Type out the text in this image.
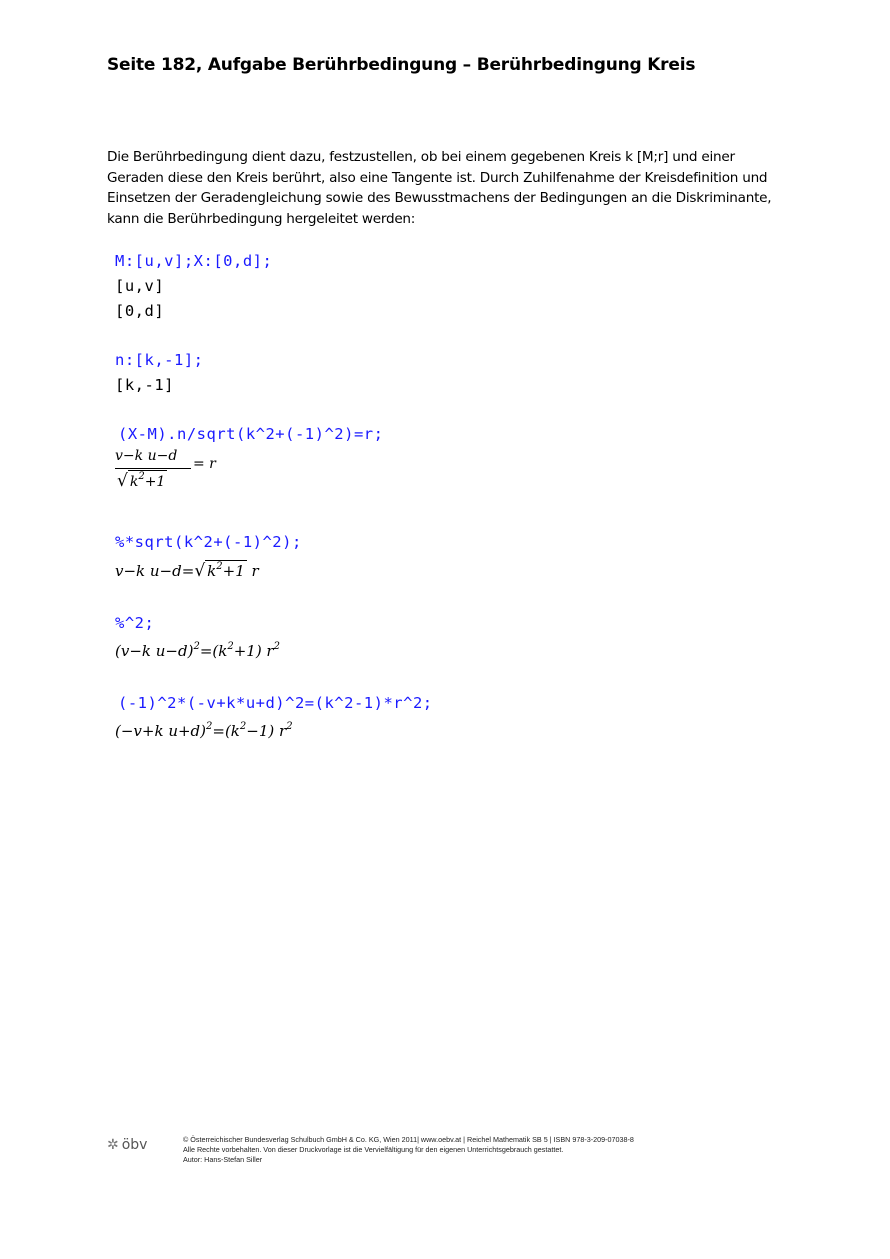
Seite 182, Aufgabe Berührbedingung – Berührbedingung Kreis
Die Berührbedingung dient dazu, festzustellen, ob bei einem gegebenen Kreis k [M;r] und einer
Geraden diese den Kreis berührt, also eine Tangente ist. Durch Zuhilfenahme der Kreisdefinition und
Einsetzen der Geradengleichung sowie des Bewusstmachens der Bedingungen an die Diskriminante,
kann die Berührbedingung hergeleitet werden:
M:[u,v];X:[0,d];
[u,v]
[0,d]
n:[k,-1];
[k,-1]
(X-M).n/sqrt(k^2+(-1)^2)=r;
v−k u−d
√ $k^2+1$
= r
%*sqrt(k^2+(-1)^2);
v−k u−d=√ $k^2+1$ r
%^2;
(v−k $u-d)^2=(k^2+1)$ $r^2$
(-1)^2*(-v+k*u+d)^2=(k^2-1)*r^2;
(−v+k $u+d)^2=(k^2-1)$ $r^2$
✲ öbv	© Österreichischer Bundesverlag Schulbuch GmbH & Co. KG, Wien 2011| www.oebv.at | Reichel Mathematik SB 5 | ISBN 978-3-209-07038-8
Alle Rechte vorbehalten. Von dieser Druckvorlage ist die Vervielfältigung für den eigenen Unterrichtsgebrauch gestattet.
Autor: Hans-Stefan Siller
